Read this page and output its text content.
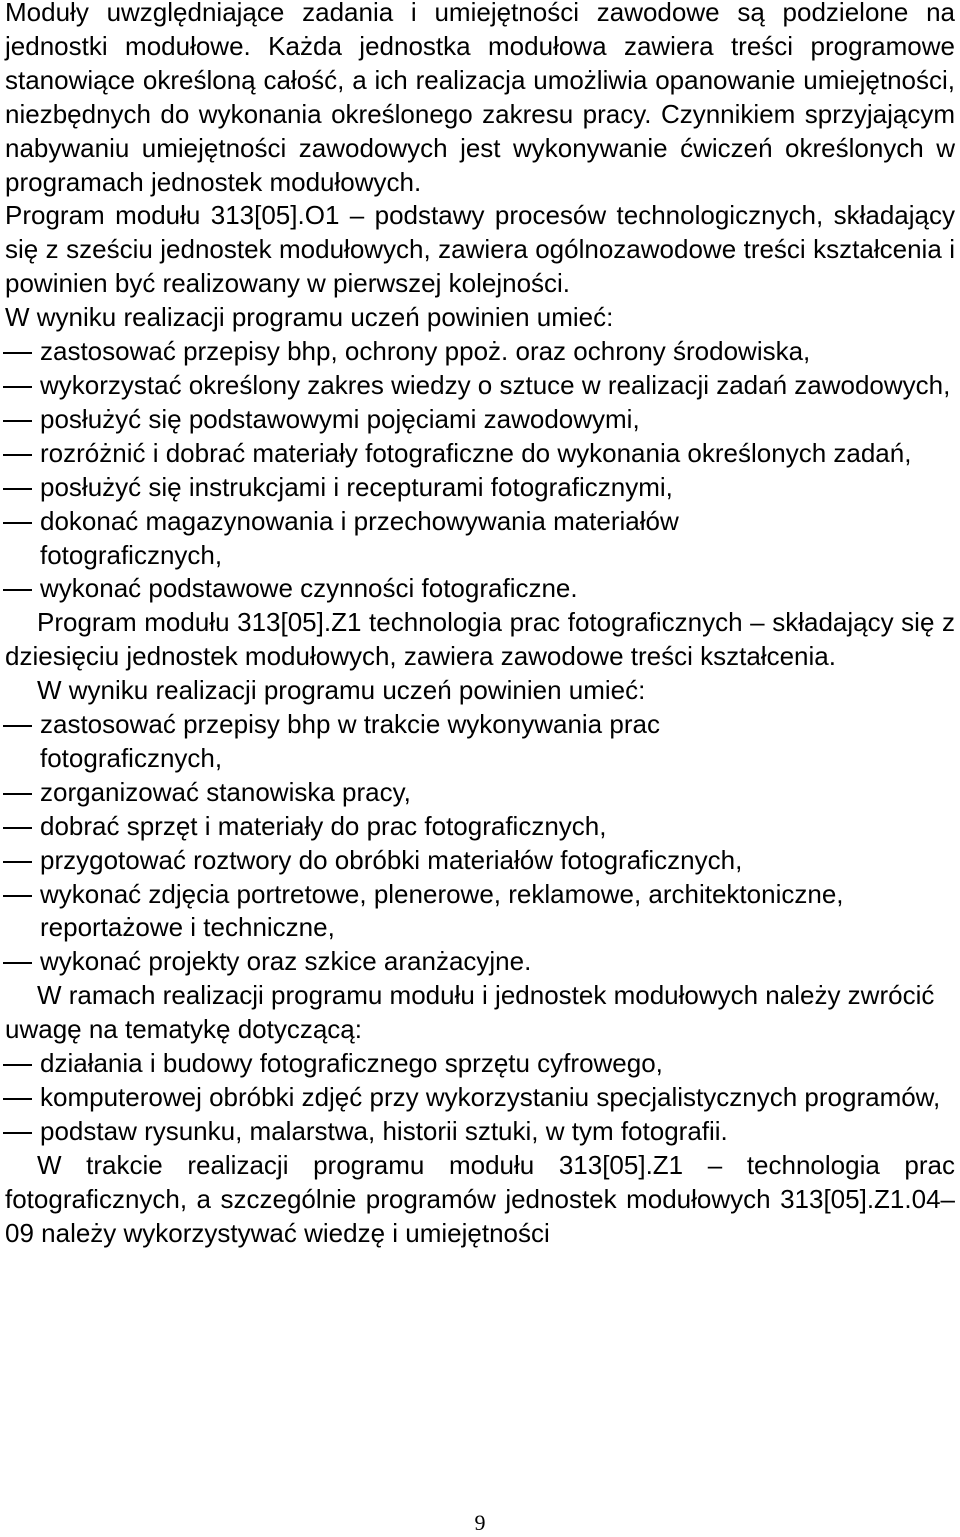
Moduły uwzględniające zadania i umiejętności zawodowe są podzielone na jednostki modułowe. Każda jednostka modułowa zawiera treści programowe stanowiące określoną całość, a ich realizacja umożliwia opanowanie umiejętności, niezbędnych do wykonania określonego zakresu pracy. Czynnikiem sprzyjającym nabywaniu umiejętności zawodowych jest wykonywanie ćwiczeń określonych w programach jednostek modułowych.

Program modułu 313[05].O1 – podstawy procesów technologicznych, składający się z sześciu jednostek modułowych, zawiera ogólnozawodowe treści kształcenia i powinien być realizowany w pierwszej kolejności.

W wyniku realizacji programu uczeń powinien umieć:

zastosować przepisy bhp, ochrony ppoż. oraz ochrony środowiska,
wykorzystać określony zakres wiedzy o sztuce w realizacji zadań zawodowych,
posłużyć się podstawowymi pojęciami zawodowymi,
rozróżnić i dobrać materiały fotograficzne do wykonania określonych zadań,
posłużyć się instrukcjami i recepturami fotograficznymi,
dokonać magazynowania i przechowywania materiałów fotograficznych,
wykonać podstawowe czynności fotograficzne.

Program modułu 313[05].Z1 technologia prac fotograficznych – składający się z dziesięciu jednostek modułowych, zawiera zawodowe treści kształcenia.

W wyniku realizacji programu uczeń powinien umieć:

zastosować przepisy bhp w trakcie wykonywania prac fotograficznych,
zorganizować stanowiska pracy,
dobrać sprzęt i materiały do prac fotograficznych,
przygotować roztwory do obróbki materiałów fotograficznych,
wykonać zdjęcia portretowe, plenerowe, reklamowe, architektoniczne, reportażowe i techniczne,
wykonać projekty oraz szkice aranżacyjne.

W ramach realizacji programu modułu i jednostek modułowych należy zwrócić uwagę na tematykę dotyczącą:

działania i budowy fotograficznego sprzętu cyfrowego,
komputerowej obróbki zdjęć przy wykorzystaniu specjalistycznych programów,
podstaw rysunku, malarstwa, historii sztuki, w tym fotografii.

W trakcie realizacji programu modułu 313[05].Z1 – technologia prac fotograficznych, a szczególnie programów jednostek modułowych 313[05].Z1.04–09 należy wykorzystywać wiedzę i umiejętności

9
